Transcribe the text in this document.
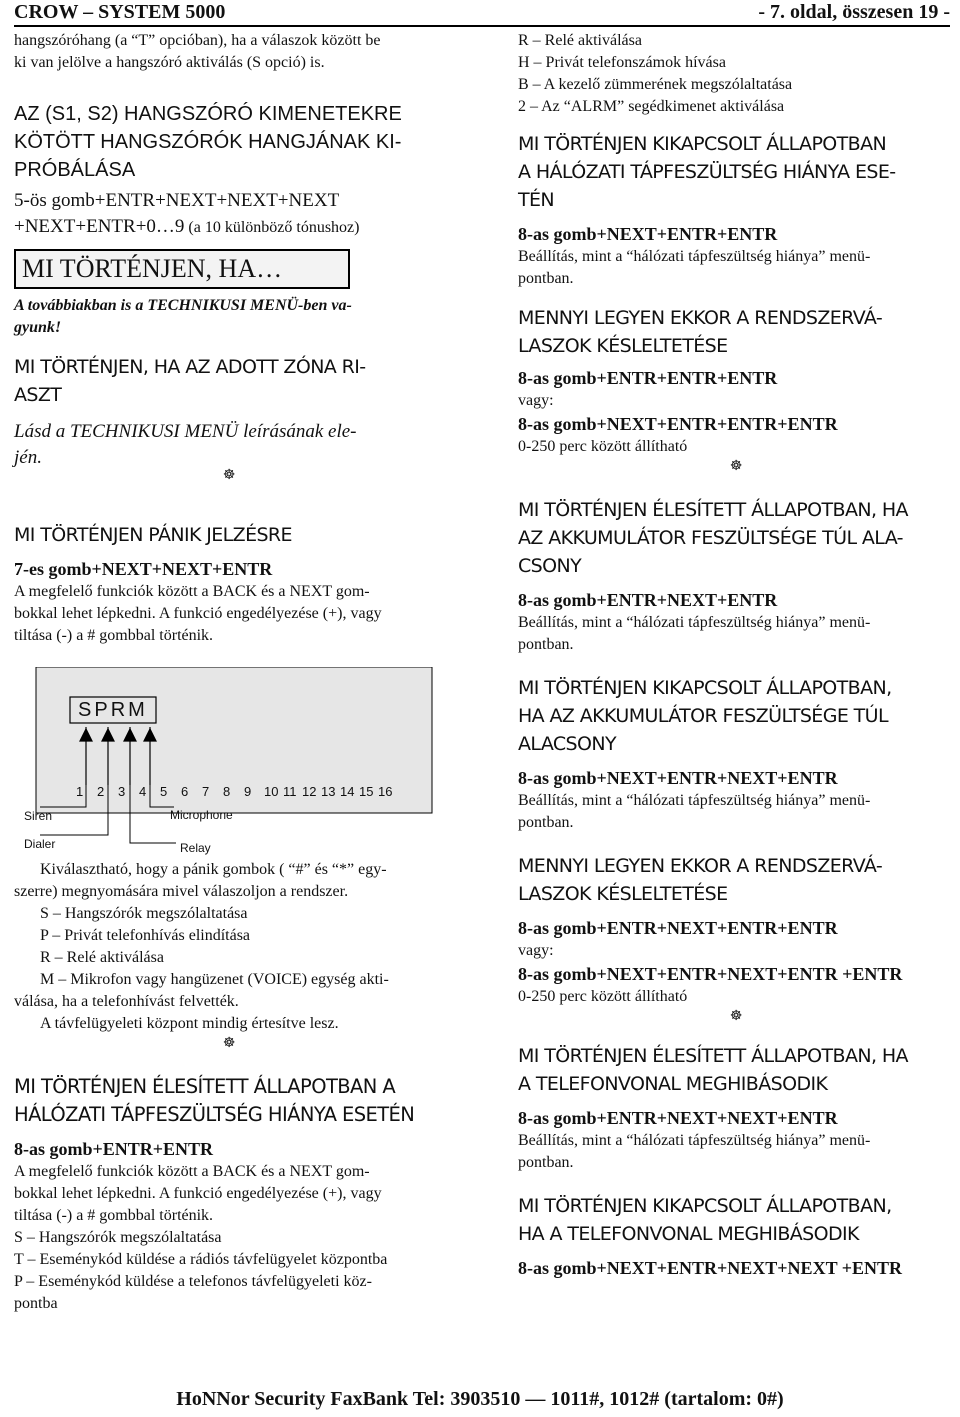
CROW – SYSTEM 5000	- 7. oldal, összesen 19 -

hangszóróhang (a “T” opcióban), ha a válaszok között be

ki van jelölve a hangszóró aktiválás (S opció) is.

AZ (S1, S2) HANGSZÓRÓ KIMENETEKRE

KÖTÖTT HANGSZÓRÓK HANGJÁNAK KI-

PRÓBÁLÁSA

5-ös gomb+ENTR+NEXT+NEXT+NEXT

+NEXT+ENTR+0…9 (a 10 különböző tónushoz)

MI TÖRTÉNJEN, HA…

A továbbiakban is a TECHNIKUSI MENÜ-ben va-

gyunk!

MI TÖRTÉNJEN, HA AZ ADOTT ZÓNA RI-

ASZT

Lásd a TECHNIKUSI MENÜ leírásának ele-

jén.

☸

MI TÖRTÉNJEN PÁNIK JELZÉSRE

7-es gomb+NEXT+NEXT+ENTR

A megfelelő funkciók között a BACK és a NEXT gom-

bokkal lehet lépkedni. A funkció engedélyezése (+), vagy

tiltása (-) a # gombbal történik.

S P R M
1 2 3 4 5 6 7 8 9 10 11 12 13 14 15 16
Siren	Microphone
Dialer	Relay

Kiválasztható, hogy a pánik gombok ( “#” és “*” egy-

szerre) megnyomására mivel válaszoljon a rendszer.

S – Hangszórók megszólaltatása

P – Privát telefonhívás elindítása

R – Relé aktiválása

M – Mikrofon vagy hangüzenet (VOICE) egység akti-

válása, ha a telefonhívást felvették.

A távfelügyeleti központ mindig értesítve lesz.

☸

MI TÖRTÉNJEN ÉLESÍTETT ÁLLAPOTBAN A

HÁLÓZATI TÁPFESZÜLTSÉG HIÁNYA ESETÉN

8-as gomb+ENTR+ENTR

A megfelelő funkciók között a BACK és a NEXT gom-

bokkal lehet lépkedni. A funkció engedélyezése (+), vagy

tiltása (-) a # gombbal történik.

S – Hangszórók megszólaltatása

T – Eseménykód küldése a rádiós távfelügyelet központba

P – Eseménykód küldése a telefonos távfelügyeleti köz-

pontba

R – Relé aktiválása

H – Privát telefonszámok hívása

B – A kezelő zümmerének megszólaltatása

2 – Az “ALRM” segédkimenet aktiválása

MI TÖRTÉNJEN KIKAPCSOLT ÁLLAPOTBAN

A HÁLÓZATI TÁPFESZÜLTSÉG HIÁNYA ESE-

TÉN

8-as gomb+NEXT+ENTR+ENTR

Beállítás, mint a “hálózati tápfeszültség hiánya” menü-

pontban.

MENNYI LEGYEN EKKOR A RENDSZERVÁ-

LASZOK KÉSLELTETÉSE

8-as gomb+ENTR+ENTR+ENTR

vagy:

8-as gomb+NEXT+ENTR+ENTR+ENTR

0-250 perc között állítható

☸

MI TÖRTÉNJEN ÉLESÍTETT ÁLLAPOTBAN, HA

AZ AKKUMULÁTOR FESZÜLTSÉGE TÚL ALA-

CSONY

8-as gomb+ENTR+NEXT+ENTR

Beállítás, mint a “hálózati tápfeszültség hiánya” menü-

pontban.

MI TÖRTÉNJEN KIKAPCSOLT ÁLLAPOTBAN,

HA AZ AKKUMULÁTOR FESZÜLTSÉGE TÚL

ALACSONY

8-as gomb+NEXT+ENTR+NEXT+ENTR

Beállítás, mint a “hálózati tápfeszültség hiánya” menü-

pontban.

MENNYI LEGYEN EKKOR A RENDSZERVÁ-

LASZOK KÉSLELTETÉSE

8-as gomb+ENTR+NEXT+ENTR+ENTR

vagy:

8-as gomb+NEXT+ENTR+NEXT+ENTR +ENTR

0-250 perc között állítható

☸

MI TÖRTÉNJEN ÉLESÍTETT ÁLLAPOTBAN, HA

A TELEFONVONAL MEGHIBÁSODIK

8-as gomb+ENTR+NEXT+NEXT+ENTR

Beállítás, mint a “hálózati tápfeszültség hiánya” menü-

pontban.

MI TÖRTÉNJEN KIKAPCSOLT ÁLLAPOTBAN,

HA A TELEFONVONAL MEGHIBÁSODIK

8-as gomb+NEXT+ENTR+NEXT+NEXT +ENTR

HoNNor Security FaxBank Tel: 3903510 — 1011#, 1012# (tartalom: 0#)
